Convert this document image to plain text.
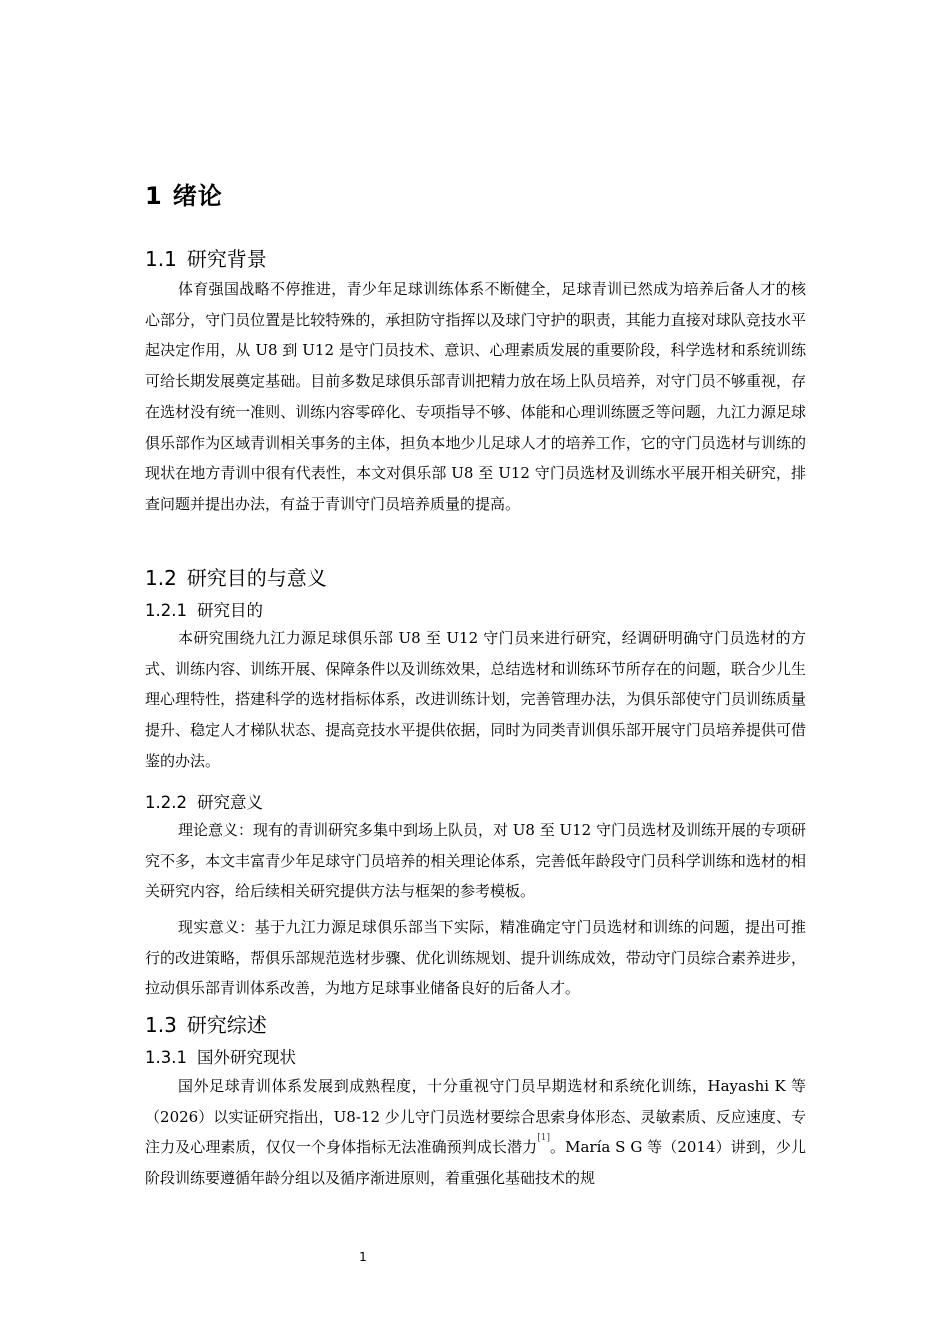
1 绪论
1.1 研究背景
体育强国战略不停推进，青少年足球训练体系不断健全，足球青训已然成为培养后备人才的核心部分，守门员位置是比较特殊的，承担防守指挥以及球门守护的职责，其能力直接对球队竞技水平起决定作用，从 U8 到 U12 是守门员技术、意识、心理素质发展的重要阶段，科学选材和系统训练可给长期发展奠定基础。目前多数足球俱乐部青训把精力放在场上队员培养，对守门员不够重视，存在选材没有统一准则、训练内容零碎化、专项指导不够、体能和心理训练匮乏等问题，九江力源足球俱乐部作为区域青训相关事务的主体，担负本地少儿足球人才的培养工作，它的守门员选材与训练的现状在地方青训中很有代表性，本文对俱乐部 U8 至 U12 守门员选材及训练水平展开相关研究，排查问题并提出办法，有益于青训守门员培养质量的提高。
1.2 研究目的与意义
1.2.1 研究目的
本研究围绕九江力源足球俱乐部 U8 至 U12 守门员来进行研究，经调研明确守门员选材的方式、训练内容、训练开展、保障条件以及训练效果，总结选材和训练环节所存在的问题，联合少儿生理心理特性，搭建科学的选材指标体系，改进训练计划，完善管理办法，为俱乐部使守门员训练质量提升、稳定人才梯队状态、提高竞技水平提供依据，同时为同类青训俱乐部开展守门员培养提供可借鉴的办法。
1.2.2 研究意义
理论意义：现有的青训研究多集中到场上队员，对 U8 至 U12 守门员选材及训练开展的专项研究不多，本文丰富青少年足球守门员培养的相关理论体系，完善低年龄段守门员科学训练和选材的相关研究内容，给后续相关研究提供方法与框架的参考模板。
现实意义：基于九江力源足球俱乐部当下实际，精准确定守门员选材和训练的问题，提出可推行的改进策略，帮俱乐部规范选材步骤、优化训练规划、提升训练成效，带动守门员综合素养进步，拉动俱乐部青训体系改善，为地方足球事业储备良好的后备人才。
1.3 研究综述
1.3.1 国外研究现状
国外足球青训体系发展到成熟程度，十分重视守门员早期选材和系统化训练，Hayashi K 等（2026）以实证研究指出，U8-12 少儿守门员选材要综合思索身体形态、灵敏素质、反应速度、专注力及心理素质，仅仅一个身体指标无法准确预判成长潜力[1]。María S G 等（2014）讲到，少儿阶段训练要遵循年龄分组以及循序渐进原则，着重强化基础技术的规
1
